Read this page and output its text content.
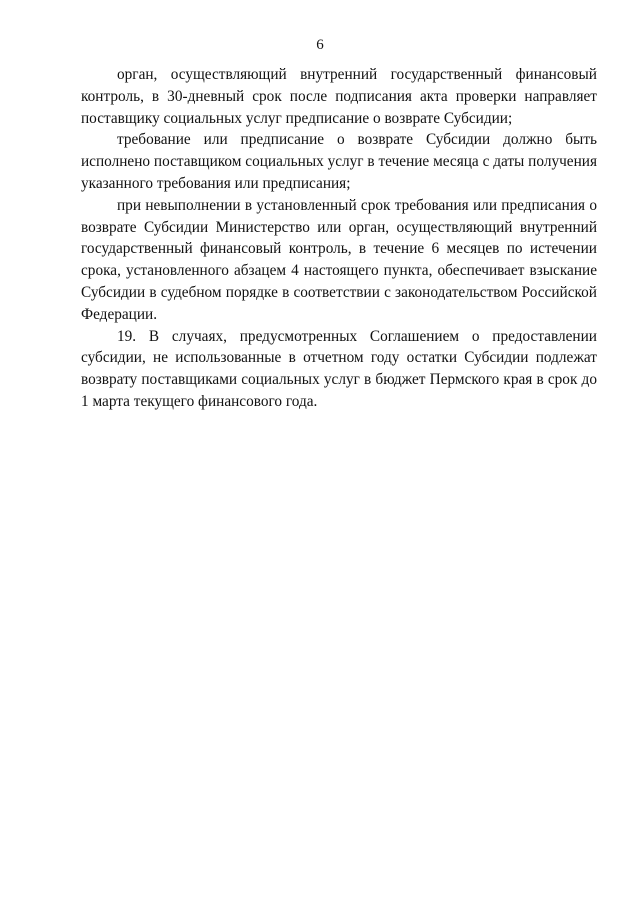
6

орган, осуществляющий внутренний государственный финансовый контроль, в 30-дневный срок после подписания акта проверки направляет поставщику социальных услуг предписание о возврате Субсидии;

требование или предписание о возврате Субсидии должно быть исполнено поставщиком социальных услуг в течение месяца с даты получения указанного требования или предписания;

при невыполнении в установленный срок требования или предписания о возврате Субсидии Министерство или орган, осуществляющий внутренний государственный финансовый контроль, в течение 6 месяцев по истечении срока, установленного абзацем 4 настоящего пункта, обеспечивает взыскание Субсидии в судебном порядке в соответствии с законодательством Российской Федерации.

19. В случаях, предусмотренных Соглашением о предоставлении субсидии, не использованные в отчетном году остатки Субсидии подлежат возврату поставщиками социальных услуг в бюджет Пермского края в срок до 1 марта текущего финансового года.
